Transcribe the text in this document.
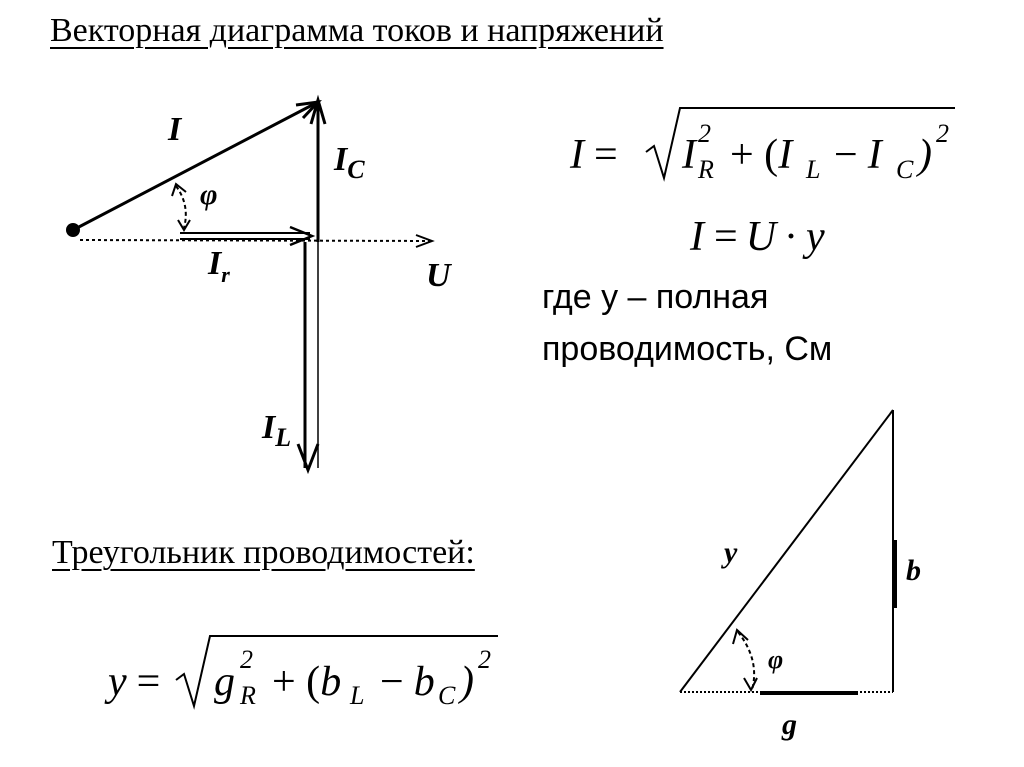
Векторная диаграмма токов и напряжений
Треугольник проводимостей:
где y – полная
проводимость, См
I
φ
$I_C$
$I_r$	U
$I_L$
I = I 2
R + (I L − I C ) 2
I = U · y
y = g 2
R + (b L − b C ) 2
y
b
g
φ
